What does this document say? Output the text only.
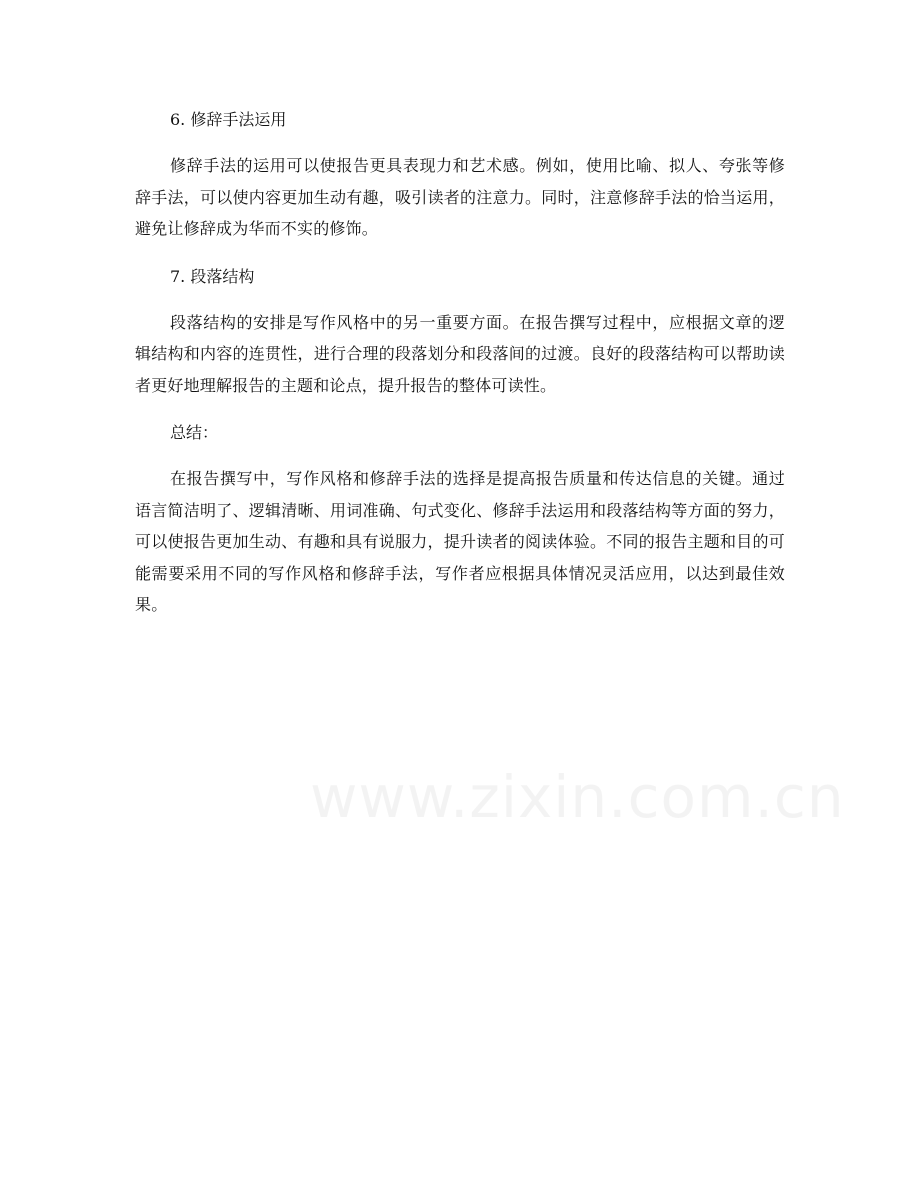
6. 修辞手法运用

修辞手法的运用可以使报告更具表现力和艺术感。例如，使用比喻、拟人、夸张等修辞手法，可以使内容更加生动有趣，吸引读者的注意力。同时，注意修辞手法的恰当运用，避免让修辞成为华而不实的修饰。

7. 段落结构

段落结构的安排是写作风格中的另一重要方面。在报告撰写过程中，应根据文章的逻辑结构和内容的连贯性，进行合理的段落划分和段落间的过渡。良好的段落结构可以帮助读者更好地理解报告的主题和论点，提升报告的整体可读性。

总结：

在报告撰写中，写作风格和修辞手法的选择是提高报告质量和传达信息的关键。通过语言简洁明了、逻辑清晰、用词准确、句式变化、修辞手法运用和段落结构等方面的努力，可以使报告更加生动、有趣和具有说服力，提升读者的阅读体验。不同的报告主题和目的可能需要采用不同的写作风格和修辞手法，写作者应根据具体情况灵活应用，以达到最佳效果。

www.zixin.com.cn
